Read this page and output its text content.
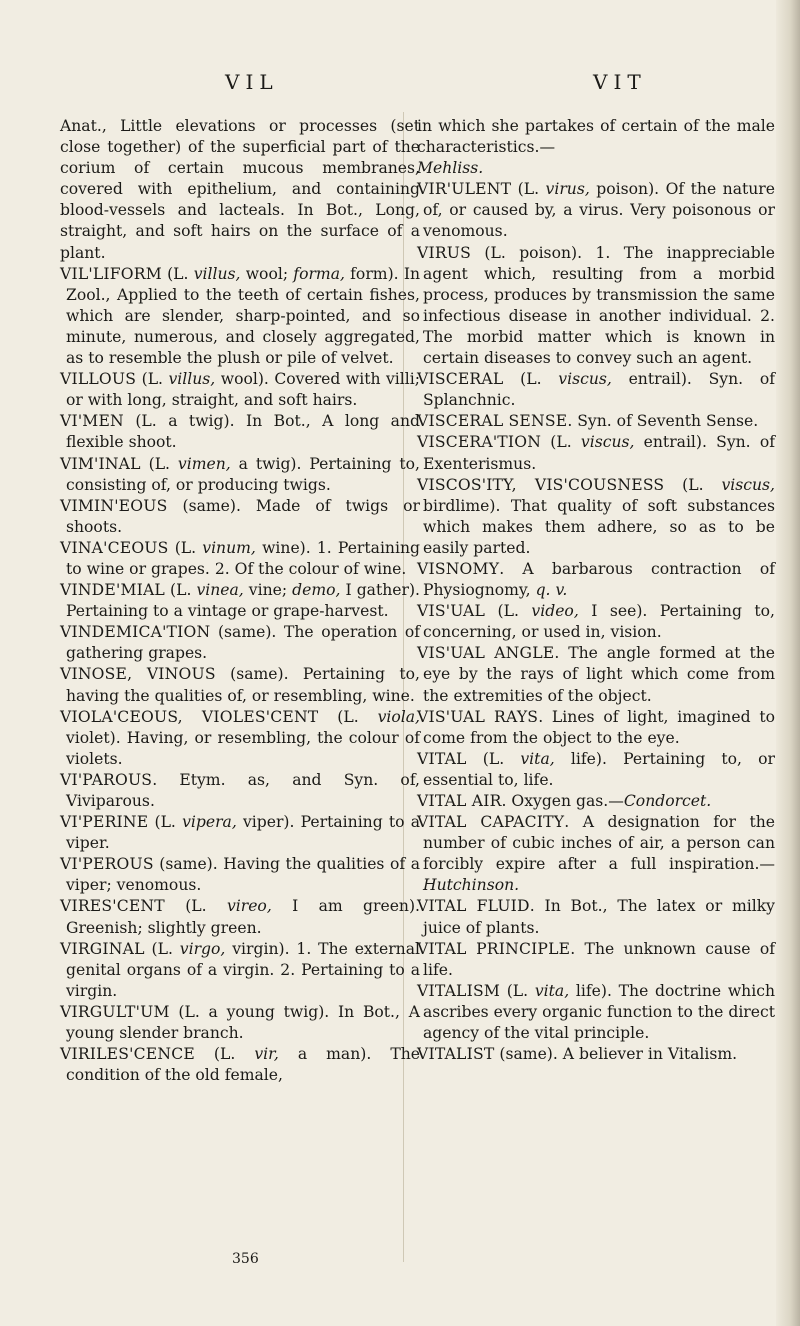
VIL	VIT

Anat., Little elevations or processes (set close together) of the superficial part of the corium of certain mucous membranes, covered with epithelium, and containing blood-vessels and lacteals. In Bot., Long, straight, and soft hairs on the surface of a plant.

VIL'LIFORM (L. villus, wool; forma, form). In Zool., Applied to the teeth of certain fishes, which are slender, sharp-pointed, and so minute, numerous, and closely aggregated, as to resemble the plush or pile of velvet.

VILLOUS (L. villus, wool). Covered with villi; or with long, straight, and soft hairs.

VI'MEN (L. a twig). In Bot., A long and flexible shoot.

VIM'INAL (L. vimen, a twig). Pertaining to, consisting of, or producing twigs.

VIMIN'EOUS (same). Made of twigs or shoots.

VINA'CEOUS (L. vinum, wine). 1. Pertaining to wine or grapes. 2. Of the colour of wine.

VINDE'MIAL (L. vinea, vine; demo, I gather). Pertaining to a vintage or grape-harvest.

VINDEMICA'TION (same). The operation of gathering grapes.

VINOSE, VINOUS (same). Pertaining to, having the qualities of, or resembling, wine.

VIOLA'CEOUS, VIOLES'CENT (L. viola, violet). Having, or resembling, the colour of violets.

VI'PAROUS. Etym. as, and Syn. of, Viviparous.

VI'PERINE (L. vipera, viper). Pertaining to a viper.

VI'PEROUS (same). Having the qualities of a viper; venomous.

VIRES'CENT (L. vireo, I am green). Greenish; slightly green.

VIRGINAL (L. virgo, virgin). 1. The external genital organs of a virgin. 2. Pertaining to a virgin.

VIRGULT'UM (L. a young twig). In Bot., A young slender branch.

VIRILES'CENCE (L. vir, a man). The condition of the old female,

in which she partakes of certain of the male characteristics.—
Mehliss.

VIR'ULENT (L. virus, poison). Of the nature of, or caused by, a virus. Very poisonous or venomous.

VIRUS (L. poison). 1. The inappreciable agent which, resulting from a morbid process, produces by transmission the same infectious disease in another individual. 2. The morbid matter which is known in certain diseases to convey such an agent.

VISCERAL (L. viscus, entrail). Syn. of Splanchnic.

VISCERAL SENSE. Syn. of Seventh Sense.

VISCERA'TION (L. viscus, entrail). Syn. of Exenterismus.

VISCOS'ITY, VIS'COUSNESS (L. viscus, birdlime). That quality of soft substances which makes them adhere, so as to be easily parted.

VISNOMY. A barbarous contraction of Physiognomy, q. v.

VIS'UAL (L. video, I see). Pertaining to, concerning, or used in, vision.

VIS'UAL ANGLE. The angle formed at the eye by the rays of light which come from the extremities of the object.

VIS'UAL RAYS. Lines of light, imagined to come from the object to the eye.

VITAL (L. vita, life). Pertaining to, or essential to, life.

VITAL AIR. Oxygen gas.—Condorcet.

VITAL CAPACITY. A designation for the number of cubic inches of air, a person can forcibly expire after a full inspiration.—Hutchinson.

VITAL FLUID. In Bot., The latex or milky juice of plants.

VITAL PRINCIPLE. The unknown cause of life.

VITALISM (L. vita, life). The doctrine which ascribes every organic function to the direct agency of the vital principle.

VITALIST (same). A believer in Vitalism.

356
